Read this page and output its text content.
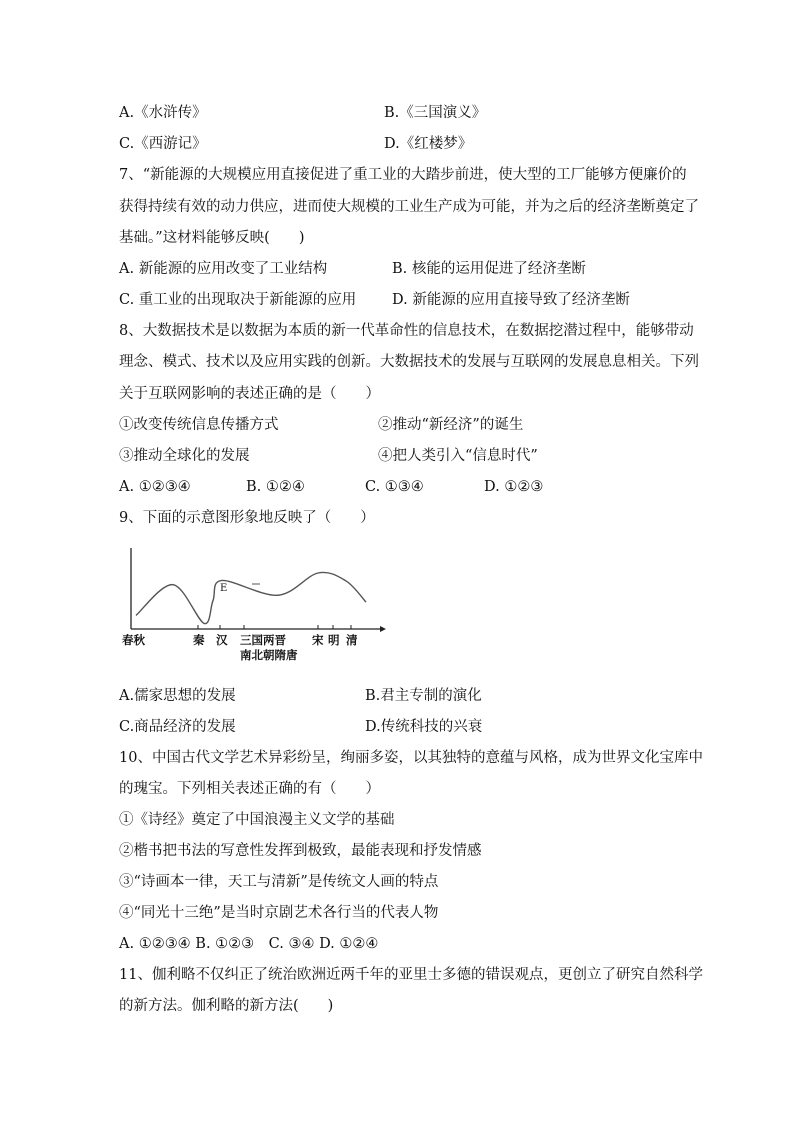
A.《水浒传》	B.《三国演义》
C.《西游记》	D.《红楼梦》
7、“新能源的大规模应用直接促进了重工业的大踏步前进，使大型的工厂能够方便廉价的
获得持续有效的动力供应，进而使大规模的工业生产成为可能，并为之后的经济垄断奠定了
基础。”这材料能够反映(　　)
A. 新能源的应用改变了工业结构	B. 核能的运用促进了经济垄断
C. 重工业的出现取决于新能源的应用 D. 新能源的应用直接导致了经济垄断
8、大数据技术是以数据为本质的新一代革命性的信息技术，在数据挖潜过程中，能够带动
理念、模式、技术以及应用实践的创新。大数据技术的发展与互联网的发展息息相关。下列
关于互联网影响的表述正确的是（　　）
①改变传统信息传播方式	②推动“新经济”的诞生
③推动全球化的发展	④把人类引入“信息时代”
A. ①②③④	B. ①②④	C. ①③④	D. ①②③
9、下面的示意图形象地反映了（　　）
E
春秋	秦 汉 三国两晋 宋 明 清
南北朝隋唐
A.儒家思想的发展	B.君主专制的演化
C.商品经济的发展	D.传统科技的兴衰
10、中国古代文学艺术异彩纷呈，绚丽多姿，以其独特的意蕴与风格，成为世界文化宝库中
的瑰宝。下列相关表述正确的有（　　）
①《诗经》奠定了中国浪漫主义文学的基础
②楷书把书法的写意性发挥到极致，最能表现和抒发情感
③“诗画本一律，天工与清新”是传统文人画的特点
④“同光十三绝”是当时京剧艺术各行当的代表人物
A. ①②③④ B. ①②③　C. ③④ D. ①②④
11、伽利略不仅纠正了统治欧洲近两千年的亚里士多德的错误观点，更创立了研究自然科学
的新方法。伽利略的新方法(　　)
